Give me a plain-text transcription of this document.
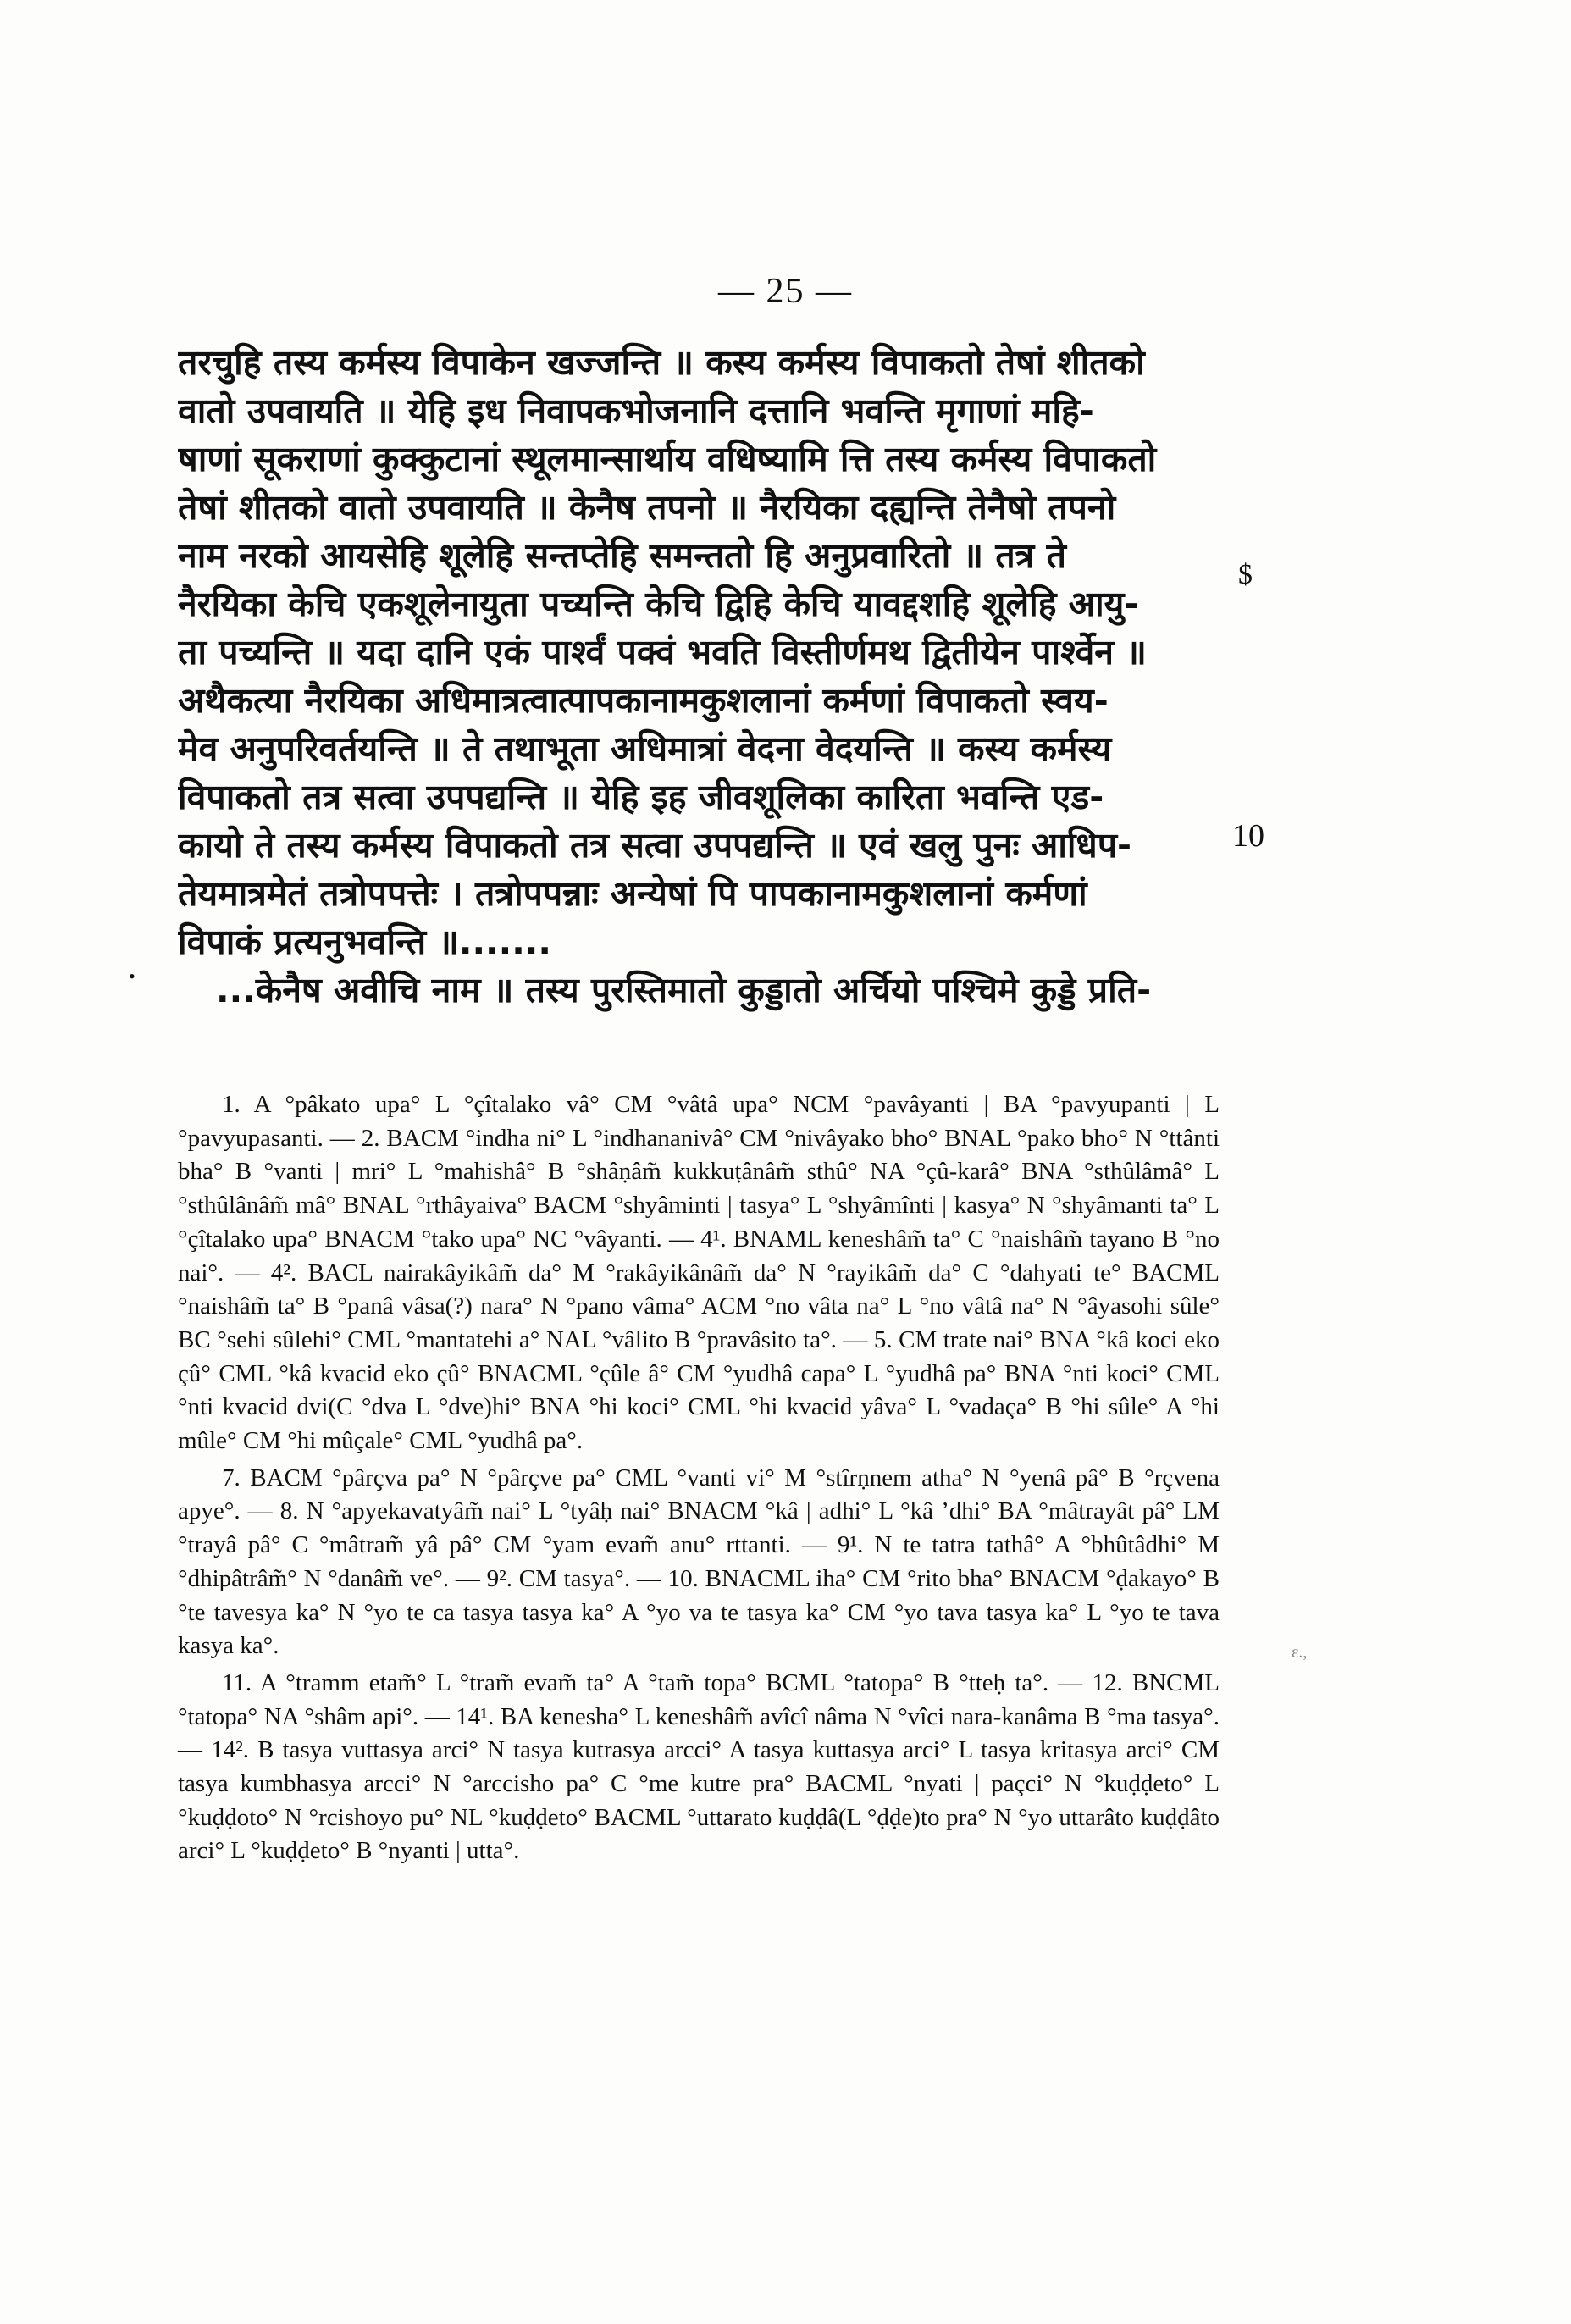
— 25 —
तरचुहि तस्य कर्मस्य विपाकेन खज्जन्ति ॥ कस्य कर्मस्य विपाकतो तेषां शीतको
वातो उपवायति ॥ येहि इध निवापकभोजनानि दत्तानि भवन्ति मृगाणां महि-
षाणां सूकराणां कुक्कुटानां स्थूलमान्सार्थाय वधिष्यामि त्ति तस्य कर्मस्य विपाकतो
तेषां शीतको वातो उपवायति ॥ केनैष तपनो ॥ नैरयिका दह्यन्ति तेनैषो तपनो
नाम नरको आयसेहि शूलेहि सन्तप्तेहि समन्ततो हि अनुप्रवारितो ॥ तत्र ते
नैरयिका केचि एकशूलेनायुता पच्यन्ति केचि द्विहि केचि यावद्दशहि शूलेहि आयु-
ता पच्यन्ति ॥ यदा दानि एकं पार्श्वं पक्वं भवति विस्तीर्णमथ द्वितीयेन पार्श्वेन ॥
अथैकत्या नैरयिका अधिमात्रत्वात्पापकानामकुशलानां कर्मणां विपाकतो स्वय-
मेव अनुपरिवर्तयन्ति ॥ ते तथाभूता अधिमात्रां वेदना वेदयन्ति ॥ कस्य कर्मस्य
विपाकतो तत्र सत्वा उपपद्यन्ति ॥ येहि इह जीवशूलिका कारिता भवन्ति एड-
कायो ते तस्य कर्मस्य विपाकतो तत्र सत्वा उपपद्यन्ति ॥ एवं खलु पुनः आधिप-
तेयमात्रमेतं तत्रोपपत्तेः । तत्रोपपन्नाः अन्येषां पि पापकानामकुशलानां कर्मणां
विपाकं प्रत्यनुभवन्ति ॥.......
...केनैष अवीचि नाम ॥ तस्य पुरस्तिमातो कुड्डातो अर्चियो पश्चिमे कुड्डे प्रति-
$
10
•

1. A °pâkato upa° L °çîtalako vâ° CM °vâtâ upa° NCM °pavâyanti | BA °pavyupanti | L °pavyupasanti. — 2. BACM °indha ni° L °indhananivâ° CM °nivâyako bho° BNAL °pako bho° N °ttânti bha° B °vanti | mri° L °mahishâ° B °shâṇâm̃ kukkuṭânâm̃ sthû° NA °çû-karâ° BNA °sthûlâmâ° L °sthûlânâm̃ mâ° BNAL °rthâyaiva° BACM °shyâminti | tasya° L °shyâmînti | kasya° N °shyâmanti ta° L °çîtalako upa° BNACM °tako upa° NC °vâyanti. — 4¹. BNAML keneshâm̃ ta° C °naishâm̃ tayano B °no nai°. — 4². BACL nairakâyikâm̃ da° M °rakâyikânâm̃ da° N °rayikâm̃ da° C °dahyati te° BACML °naishâm̃ ta° B °panâ vâsa(?) nara° N °pano vâma° ACM °no vâta na° L °no vâtâ na° N °âyasohi sûle° BC °sehi sûlehi° CML °mantatehi a° NAL °vâlito B °pravâsito ta°. — 5. CM trate nai° BNA °kâ koci eko çû° CML °kâ kvacid eko çû° BNACML °çûle â° CM °yudhâ capa° L °yudhâ pa° BNA °nti koci° CML °nti kvacid dvi(C °dva L °dve)hi° BNA °hi koci° CML °hi kvacid yâva° L °vadaça° B °hi sûle° A °hi mûle° CM °hi mûçale° CML °yudhâ pa°.

7. BACM °pârçva pa° N °pârçve pa° CML °vanti vi° M °stîrṇnem atha° N °yenâ pâ° B °rçvena apye°. — 8. N °apyekavatyâm̃ nai° L °tyâḥ nai° BNACM °kâ | adhi° L °kâ ’dhi° BA °mâtrayât pâ° LM °trayâ pâ° C °mâtram̃ yâ pâ° CM °yam evam̃ anu° rttanti. — 9¹. N te tatra tathâ° A °bhûtâdhi° M °dhipâtrâm̃° N °danâm̃ ve°. — 9². CM tasya°. — 10. BNACML iha° CM °rito bha° BNACM °ḍakayo° B °te tavesya ka° N °yo te ca tasya tasya ka° A °yo va te tasya ka° CM °yo tava tasya ka° L °yo te tava kasya ka°.

11. A °tramm etam̃° L °tram̃ evam̃ ta° A °tam̃ topa° BCML °tatopa° B °tteḥ ta°. — 12. BNCML °tatopa° NA °shâm api°. — 14¹. BA kenesha° L keneshâm̃ avîcî nâma N °vîci nara-kanâma B °ma tasya°. — 14². B tasya vuttasya arci° N tasya kutrasya arcci° A tasya kuttasya arci° L tasya kritasya arci° CM tasya kumbhasya arcci° N °arccisho pa° C °me kutre pra° BACML °nyati | paçci° N °kuḍḍeto° L °kuḍḍoto° N °rcishoyo pu° NL °kuḍḍeto° BACML °uttarato kuḍḍâ(L °ḍḍe)to pra° N °yo uttarâto kuḍḍâto arci° L °kuḍḍeto° B °nyanti | utta°.

ε.,
